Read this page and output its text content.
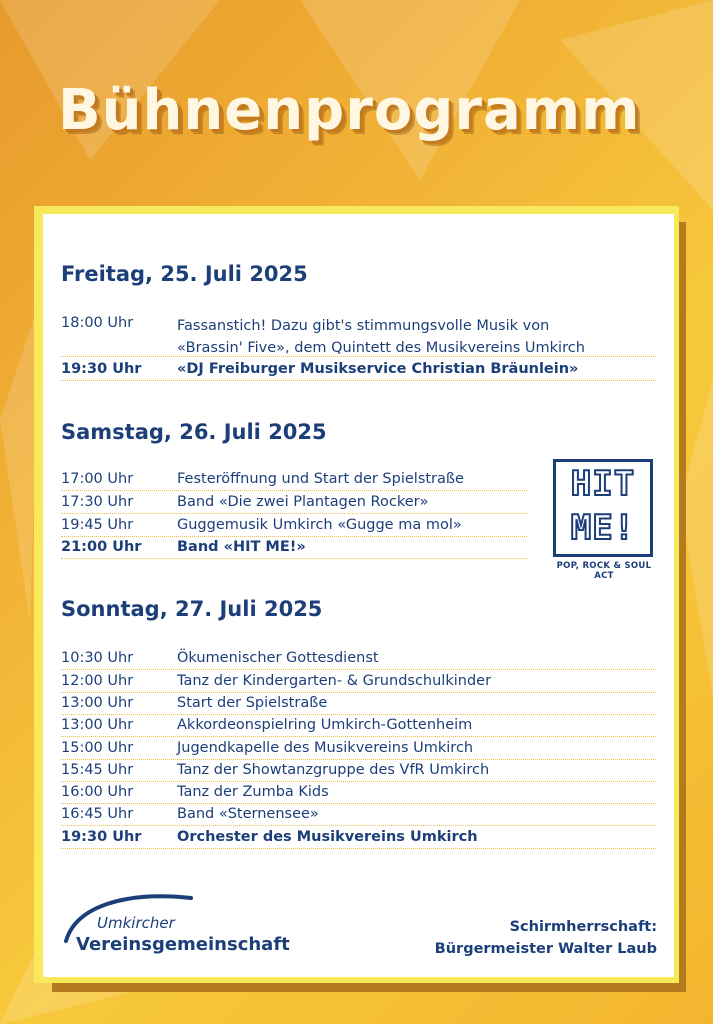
Bühnenprogramm
Freitag, 25. Juli 2025
18:00 Uhr	Fassanstich! Dazu gibt's stimmungsvolle Musik von
«Brassin' Five», dem Quintett des Musikvereins Umkirch
19:30 Uhr «DJ Freiburger Musikservice Christian Bräunlein»
Samstag, 26. Juli 2025
17:00 Uhr	Festeröffnung und Start der Spielstraße
17:30 Uhr	Band «Die zwei Plantagen Rocker»
19:45 Uhr	Guggemusik Umkirch «Gugge ma mol»
21:00 Uhr Band «HIT ME!»
HIT
ME!
POP, ROCK & SOUL ACT
Sonntag, 27. Juli 2025
10:30 Uhr	Ökumenischer Gottesdienst
12:00 Uhr	Tanz der Kindergarten- & Grundschulkinder
13:00 Uhr	Start der Spielstraße
13:00 Uhr	Akkordeonspielring Umkirch-Gottenheim
15:00 Uhr	Jugendkapelle des Musikvereins Umkirch
15:45 Uhr	Tanz der Showtanzgruppe des VfR Umkirch
16:00 Uhr	Tanz der Zumba Kids
16:45 Uhr	Band «Sternensee»
19:30 Uhr Orchester des Musikvereins Umkirch
Umkircher
Vereinsgemeinschaft
Schirmherrschaft:
Bürgermeister Walter Laub
